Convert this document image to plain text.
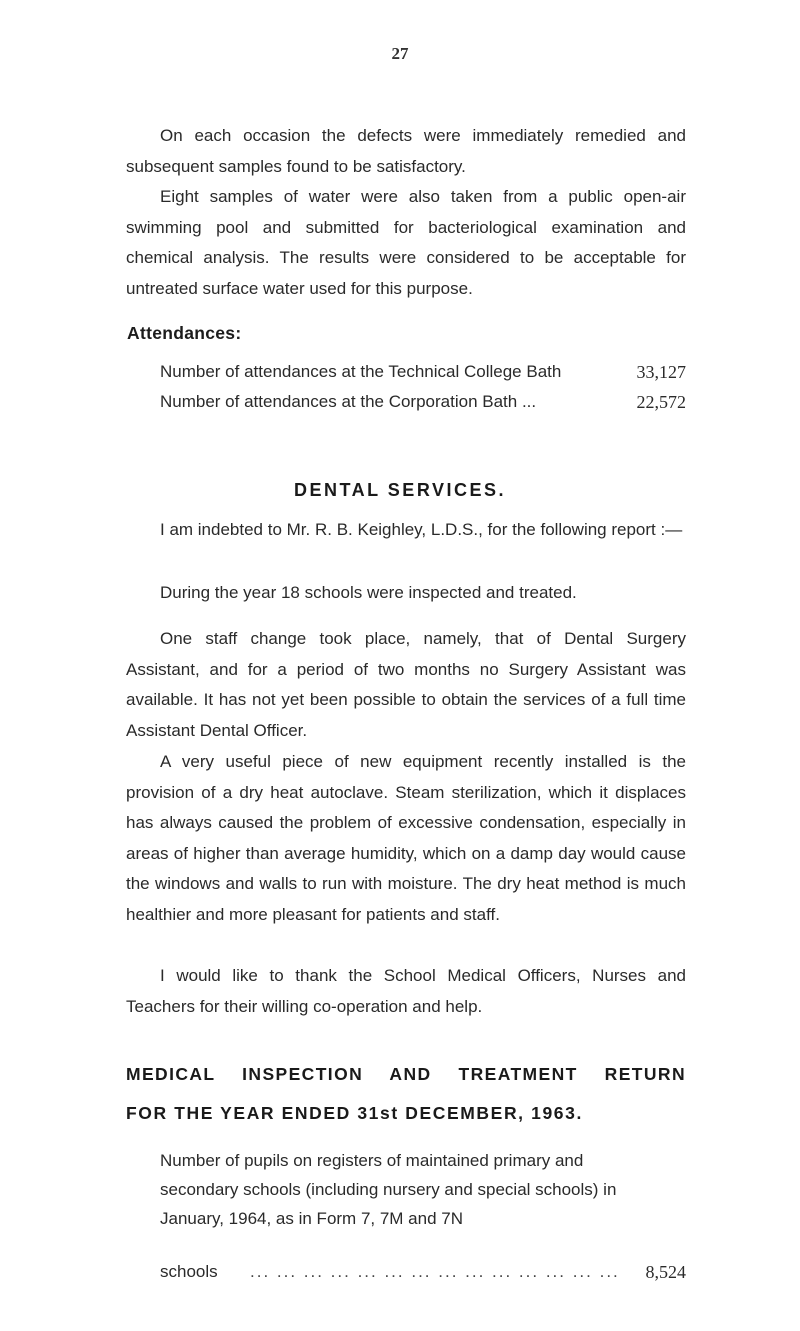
27

On each occasion the defects were immediately remedied and subsequent samples found to be satisfactory.

Eight samples of water were also taken from a public open-air swimming pool and submitted for bacteriological examination and chemical analysis. The results were considered to be acceptable for untreated surface water used for this purpose.

Attendances:

Number of attendances at the Technical College Bath	33,127
Number of attendances at the Corporation Bath ...	22,572

DENTAL SERVICES.

I am indebted to Mr. R. B. Keighley, L.D.S., for the following report :—

During the year 18 schools were inspected and treated.

One staff change took place, namely, that of Dental Surgery Assistant, and for a period of two months no Surgery Assistant was available. It has not yet been possible to obtain the services of a full time Assistant Dental Officer.

A very useful piece of new equipment recently installed is the provision of a dry heat autoclave. Steam sterilization, which it displaces has always caused the problem of excessive condensation, especially in areas of higher than average humidity, which on a damp day would cause the windows and walls to run with moisture. The dry heat method is much healthier and more pleasant for patients and staff.

I would like to thank the School Medical Officers, Nurses and Teachers for their willing co-operation and help.

MEDICAL INSPECTION AND TREATMENT RETURN

FOR THE YEAR ENDED 31st DECEMBER, 1963.

Number of pupils on registers of maintained primary and secondary schools (including nursery and special schools) in January, 1964, as in Form 7, 7M and 7N

schools ... ... ... ... ... ... ... ... ... ... ... ... ... ... 8,524
